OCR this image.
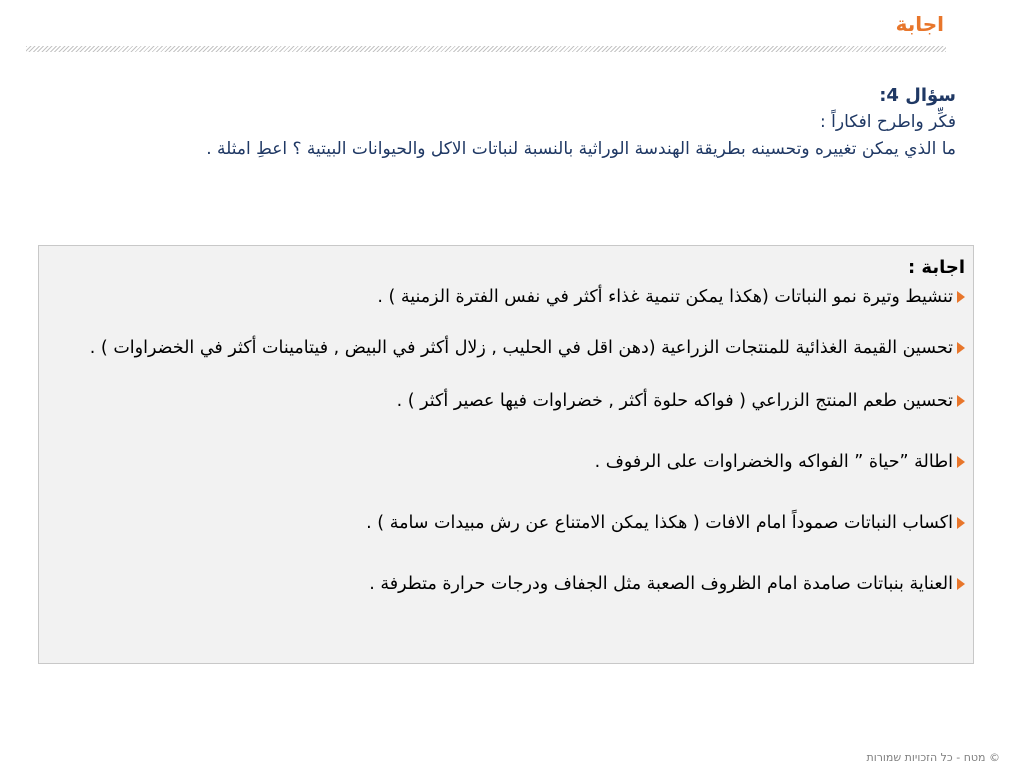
اجابة
سؤال 4:
فكِّر واطرح افكاراً :
ما الذي يمكن تغييره وتحسينه بطريقة الهندسة الوراثية بالنسبة لنباتات الاكل والحيوانات البيتية ؟ اعطِ امثلة .

اجابة :

تنشيط وتيرة نمو النباتات (هكذا يمكن تنمية غذاء أكثر في نفس الفترة الزمنية ) .
تحسين القيمة الغذائية للمنتجات الزراعية (دهن اقل في الحليب , زلال أكثر في البيض , فيتامينات أكثر في الخضراوات ) .
تحسين طعم المنتج الزراعي ( فواكه حلوة أكثر , خضراوات فيها عصير أكثر ) .
اطالة ”حياة ” الفواكه والخضراوات على الرفوف .
اكساب النباتات صموداً امام الافات ( هكذا يمكن الامتناع عن رش مبيدات سامة ) .
العناية بنباتات صامدة امام الظروف الصعبة مثل الجفاف ودرجات حرارة متطرفة .
© מטח - כל הזכויות שמורות
